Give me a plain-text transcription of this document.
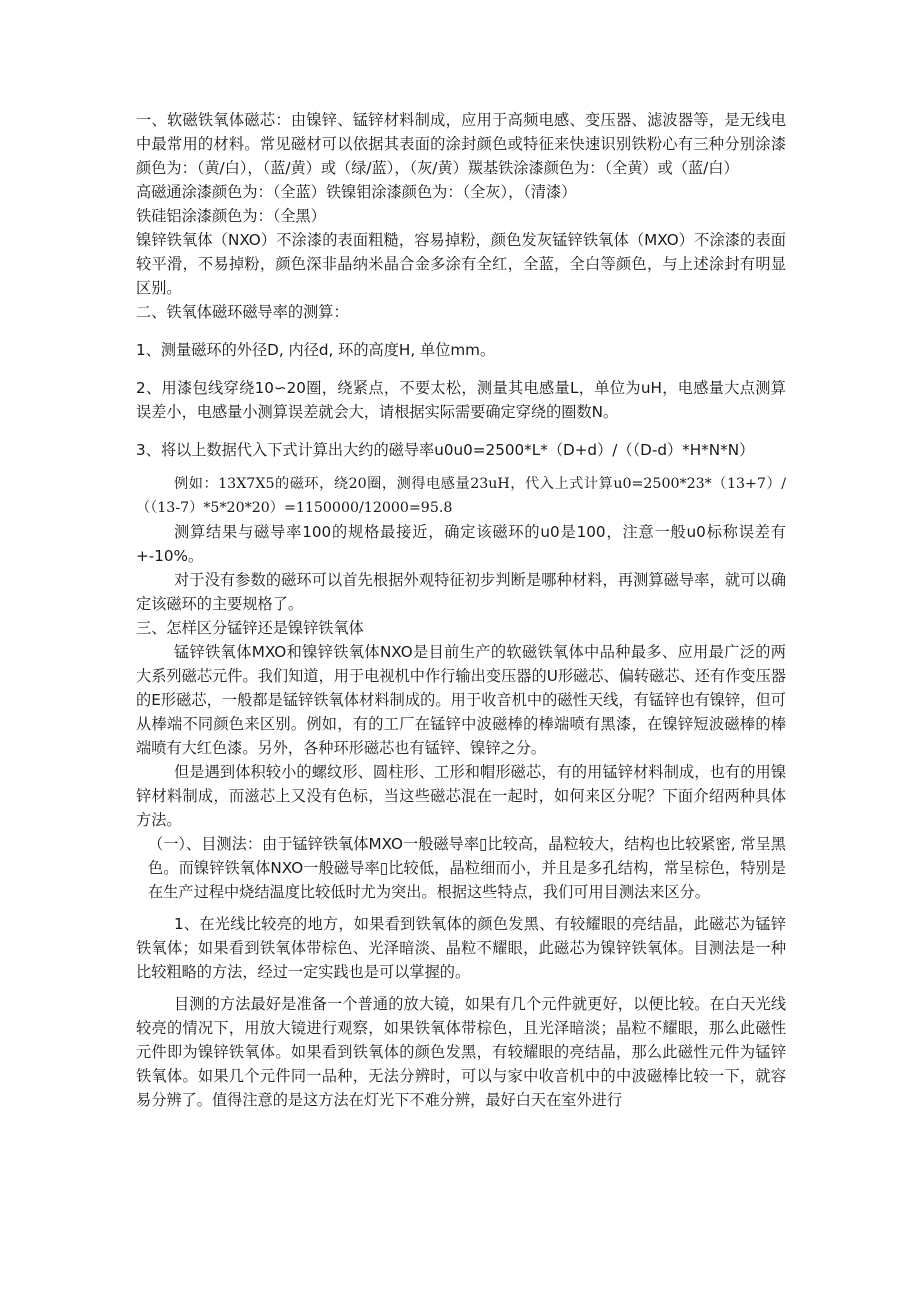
一、软磁铁氧体磁芯：由镍锌、锰锌材料制成，应用于高频电感、变压器、滤波器等，是无线电中最常用的材料。常见磁材可以依据其表面的涂封颜色或特征来快速识别铁粉心有三种分别涂漆颜色为：（黄/白），（蓝/黄）或（绿/蓝），（灰/黄）羰基铁涂漆颜色为：（全黄）或（蓝/白）

高磁通涂漆颜色为：（全蓝）铁镍钼涂漆颜色为：（全灰），（清漆）

铁硅铝涂漆颜色为：（全黑）

镍锌铁氧体（NXO）不涂漆的表面粗糙，容易掉粉，颜色发灰锰锌铁氧体（MXO）不涂漆的表面较平滑，不易掉粉，颜色深非晶纳米晶合金多涂有全红，全蓝，全白等颜色，与上述涂封有明显区别。

二、铁氧体磁环磁导率的测算：

1、测量磁环的外径D, 内径d, 环的高度H, 单位mm。

2、用漆包线穿绕10∽20圈，绕紧点，不要太松，测量其电感量L，单位为uH，电感量大点测算误差小，电感量小测算误差就会大，请根据实际需要确定穿绕的圈数N。

3、将以上数据代入下式计算出大约的磁导率u0u0=2500*L*（D+d）/（（D-d）*H*N*N）

例如：13X7X5的磁环，绕20圈，测得电感量23uH，代入上式计算u0=2500*23*（13+7）/（（13-7）*5*20*20）=1150000/12000=95.8

测算结果与磁导率100的规格最接近，确定该磁环的u0是100，注意一般u0标称误差有+-10%。

对于没有参数的磁环可以首先根据外观特征初步判断是哪种材料，再测算磁导率，就可以确定该磁环的主要规格了。

三、怎样区分锰锌还是镍锌铁氧体

锰锌铁氧体MXO和镍锌铁氧体NXO是目前生产的软磁铁氧体中品种最多、应用最广泛的两大系列磁芯元件。我们知道，用于电视机中作行输出变压器的U形磁芯、偏转磁芯、还有作变压器的E形磁芯，一般都是锰锌铁氧体材料制成的。用于收音机中的磁性天线，有锰锌也有镍锌，但可从棒端不同颜色来区别。例如，有的工厂在锰锌中波磁棒的棒端喷有黑漆，在镍锌短波磁棒的棒端喷有大红色漆。另外，各种环形磁芯也有锰锌、镍锌之分。

但是遇到体积较小的螺纹形、圆柱形、工形和帽形磁芯，有的用锰锌材料制成，也有的用镍锌材料制成，而滋芯上又没有色标，当这些磁芯混在一起时，如何来区分呢？下面介绍两种具体方法。

（一）、目测法：由于锰锌铁氧体MXO一般磁导率▯比较高，晶粒较大，结构也比较紧密, 常呈黑色。而镍锌铁氧体NXO一般磁导率▯比较低，晶粒细而小，并且是多孔结构，常呈棕色，特别是在生产过程中烧结温度比较低时尤为突出。根据这些特点，我们可用目测法来区分。

1、在光线比较亮的地方，如果看到铁氧体的颜色发黑、有较耀眼的亮结晶，此磁芯为锰锌铁氧体；如果看到铁氧体带棕色、光泽暗淡、晶粒不耀眼，此磁芯为镍锌铁氧体。目测法是一种比较粗略的方法，经过一定实践也是可以掌握的。

目测的方法最好是准备一个普通的放大镜，如果有几个元件就更好，以便比较。在白天光线较亮的情况下，用放大镜进行观察，如果铁氧体带棕色，且光泽暗淡；晶粒不耀眼，那么此磁性元件即为镍锌铁氧体。如果看到铁氧体的颜色发黑，有较耀眼的亮结晶，那么此磁性元件为锰锌铁氧体。如果几个元件同一品种，无法分辨时，可以与家中收音机中的中波磁棒比较一下，就容易分辨了。值得注意的是这方法在灯光下不难分辨，最好白天在室外进行
